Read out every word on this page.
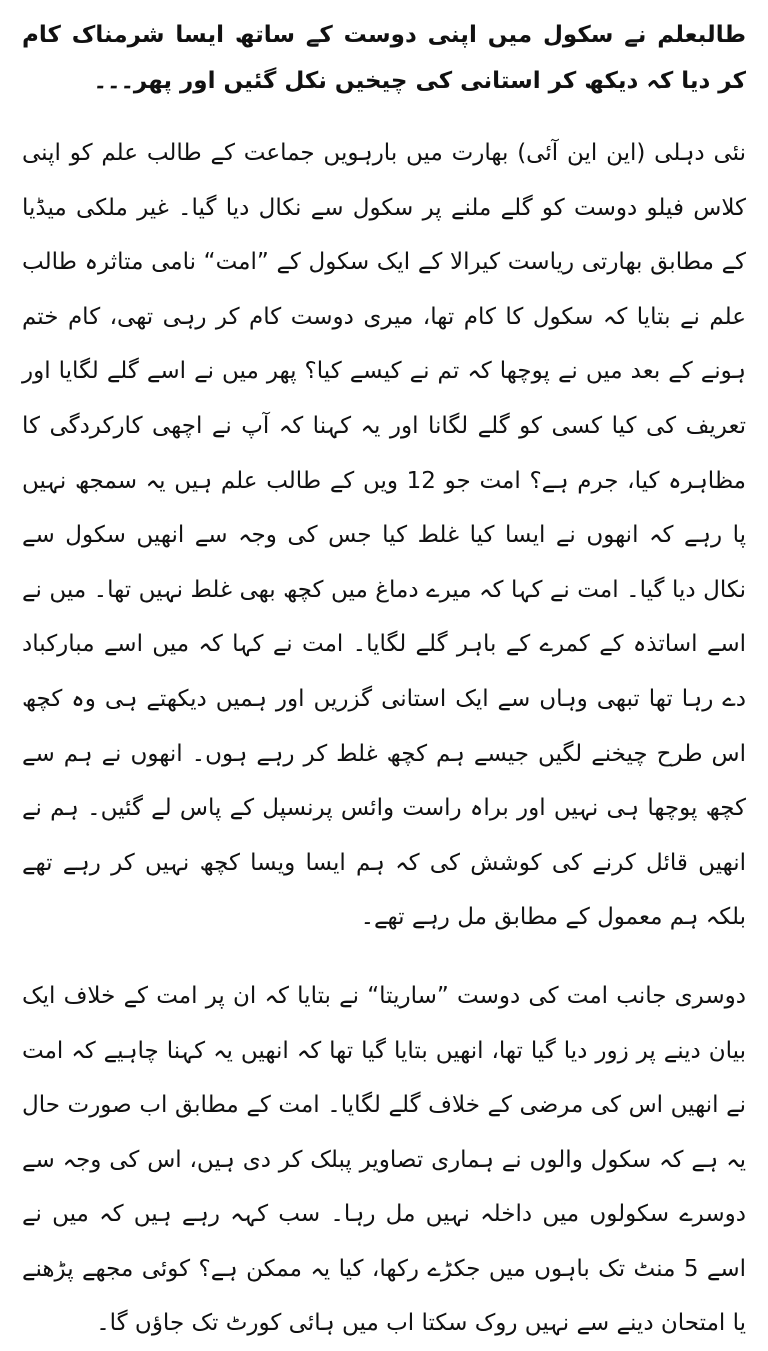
طالبعلم نے سکول میں اپنی دوست کے ساتھ ایسا شرمناک کام کر دیا کہ دیکھ کر استانی کی چیخیں نکل گئیں اور پھر۔۔۔

نئی دہلی (این این آئی) بھارت میں بارہویں جماعت کے طالب علم کو اپنی کلاس فیلو دوست کو گلے ملنے پر سکول سے نکال دیا گیا۔ غیر ملکی میڈیا کے مطابق بھارتی ریاست کیرالا کے ایک سکول کے ”امت“ نامی متاثرہ طالب علم نے بتایا کہ سکول کا کام تھا، میری دوست کام کر رہی تھی، کام ختم ہونے کے بعد میں نے پوچھا کہ تم نے کیسے کیا؟ پھر میں نے اسے گلے لگایا اور تعریف کی کیا کسی کو گلے لگانا اور یہ کہنا کہ آپ نے اچھی کارکردگی کا مظاہرہ کیا، جرم ہے؟ امت جو 12 ویں کے طالب علم ہیں یہ سمجھ نہیں پا رہے کہ انھوں نے ایسا کیا غلط کیا جس کی وجہ سے انھیں سکول سے نکال دیا گیا۔ امت نے کہا کہ میرے دماغ میں کچھ بھی غلط نہیں تھا۔ میں نے اسے اساتذہ کے کمرے کے باہر گلے لگایا۔ امت نے کہا کہ میں اسے مبارکباد دے رہا تھا تبھی وہاں سے ایک استانی گزریں اور ہمیں دیکھتے ہی وہ کچھ اس طرح چیخنے لگیں جیسے ہم کچھ غلط کر رہے ہوں۔ انھوں نے ہم سے کچھ پوچھا ہی نہیں اور براہ راست وائس پرنسپل کے پاس لے گئیں۔ ہم نے انھیں قائل کرنے کی کوشش کی کہ ہم ایسا ویسا کچھ نہیں کر رہے تھے بلکہ ہم معمول کے مطابق مل رہے تھے۔

دوسری جانب امت کی دوست ”ساریتا“ نے بتایا کہ ان پر امت کے خلاف ایک بیان دینے پر زور دیا گیا تھا، انھیں بتایا گیا تھا کہ انھیں یہ کہنا چاہیے کہ امت نے انھیں اس کی مرضی کے خلاف گلے لگایا۔ امت کے مطابق اب صورت حال یہ ہے کہ سکول والوں نے ہماری تصاویر پبلک کر دی ہیں، اس کی وجہ سے دوسرے سکولوں میں داخلہ نہیں مل رہا۔ سب کہہ رہے ہیں کہ میں نے اسے 5 منٹ تک باہوں میں جکڑے رکھا، کیا یہ ممکن ہے؟ کوئی مجھے پڑھنے یا امتحان دینے سے نہیں روک سکتا اب میں ہائی کورٹ تک جاؤں گا۔
